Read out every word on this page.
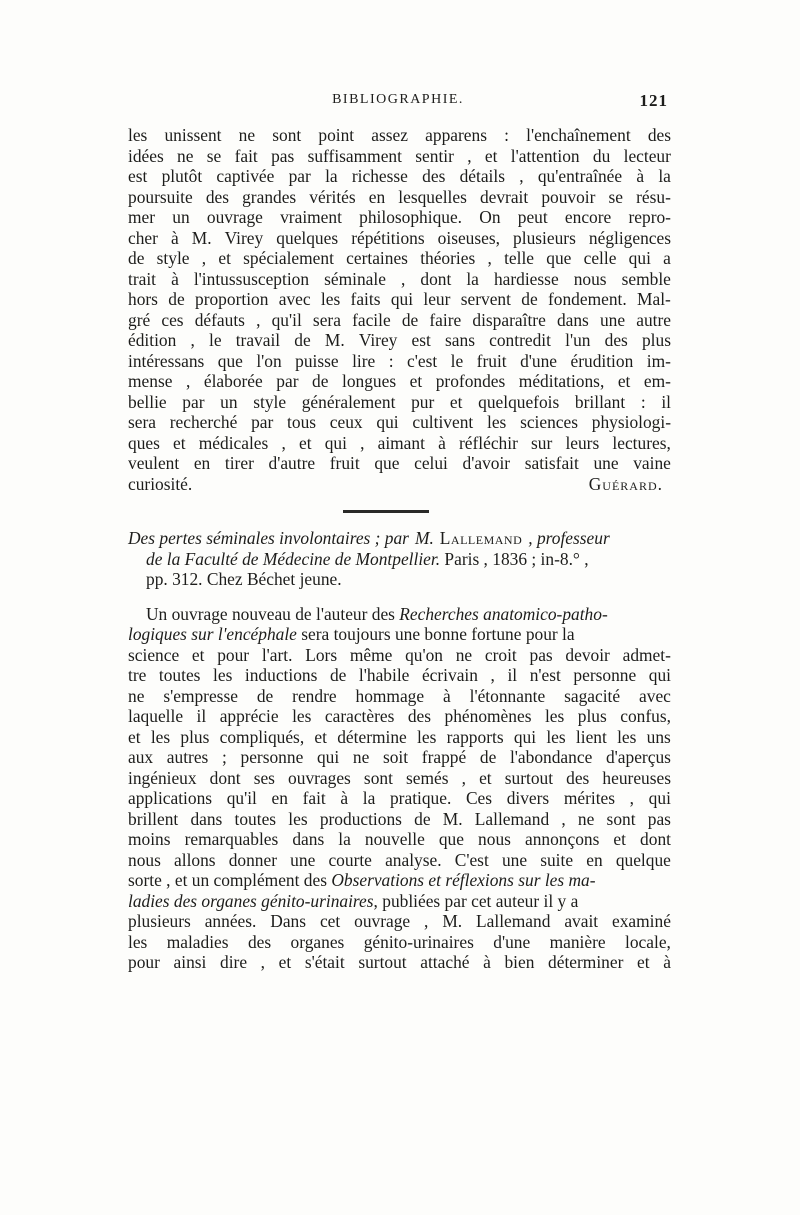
BIBLIOGRAPHIE.	121
les unissent ne sont point assez apparens : l'enchaînement des
idées ne se fait pas suffisamment sentir , et l'attention du lecteur
est plutôt captivée par la richesse des détails , qu'entraînée à la
poursuite des grandes vérités en lesquelles devrait pouvoir se résu-
mer un ouvrage vraiment philosophique. On peut encore repro-
cher à M. Virey quelques répétitions oiseuses, plusieurs négligences
de style , et spécialement certaines théories , telle que celle qui a
trait à l'intussusception séminale , dont la hardiesse nous semble
hors de proportion avec les faits qui leur servent de fondement. Mal-
gré ces défauts , qu'il sera facile de faire disparaître dans une autre
édition , le travail de M. Virey est sans contredit l'un des plus
intéressans que l'on puisse lire : c'est le fruit d'une érudition im-
mense , élaborée par de longues et profondes méditations, et em-
bellie par un style généralement pur et quelquefois brillant : il
sera recherché par tous ceux qui cultivent les sciences physiologi-
ques et médicales , et qui , aimant à réfléchir sur leurs lectures,
veulent en tirer d'autre fruit que celui d'avoir satisfait une vaine
curiosité.	Guérard.
Des pertes séminales involontaires ; par M. Lallemand , professeur
de la Faculté de Médecine de Montpellier. Paris , 1836 ; in-8.° ,
pp. 312. Chez Béchet jeune.
Un ouvrage nouveau de l'auteur des Recherches anatomico-patho-
logiques sur l'encéphale sera toujours une bonne fortune pour la
science et pour l'art. Lors même qu'on ne croit pas devoir admet-
tre toutes les inductions de l'habile écrivain , il n'est personne qui
ne s'empresse de rendre hommage à l'étonnante sagacité avec
laquelle il apprécie les caractères des phénomènes les plus confus,
et les plus compliqués, et détermine les rapports qui les lient les uns
aux autres ; personne qui ne soit frappé de l'abondance d'aperçus
ingénieux dont ses ouvrages sont semés , et surtout des heureuses
applications qu'il en fait à la pratique. Ces divers mérites , qui
brillent dans toutes les productions de M. Lallemand , ne sont pas
moins remarquables dans la nouvelle que nous annonçons et dont
nous allons donner une courte analyse. C'est une suite en quelque
sorte , et un complément des Observations et réflexions sur les ma-
ladies des organes génito-urinaires , publiées par cet auteur il y a
plusieurs années. Dans cet ouvrage , M. Lallemand avait examiné
les maladies des organes génito-urinaires d'une manière locale,
pour ainsi dire , et s'était surtout attaché à bien déterminer et à
